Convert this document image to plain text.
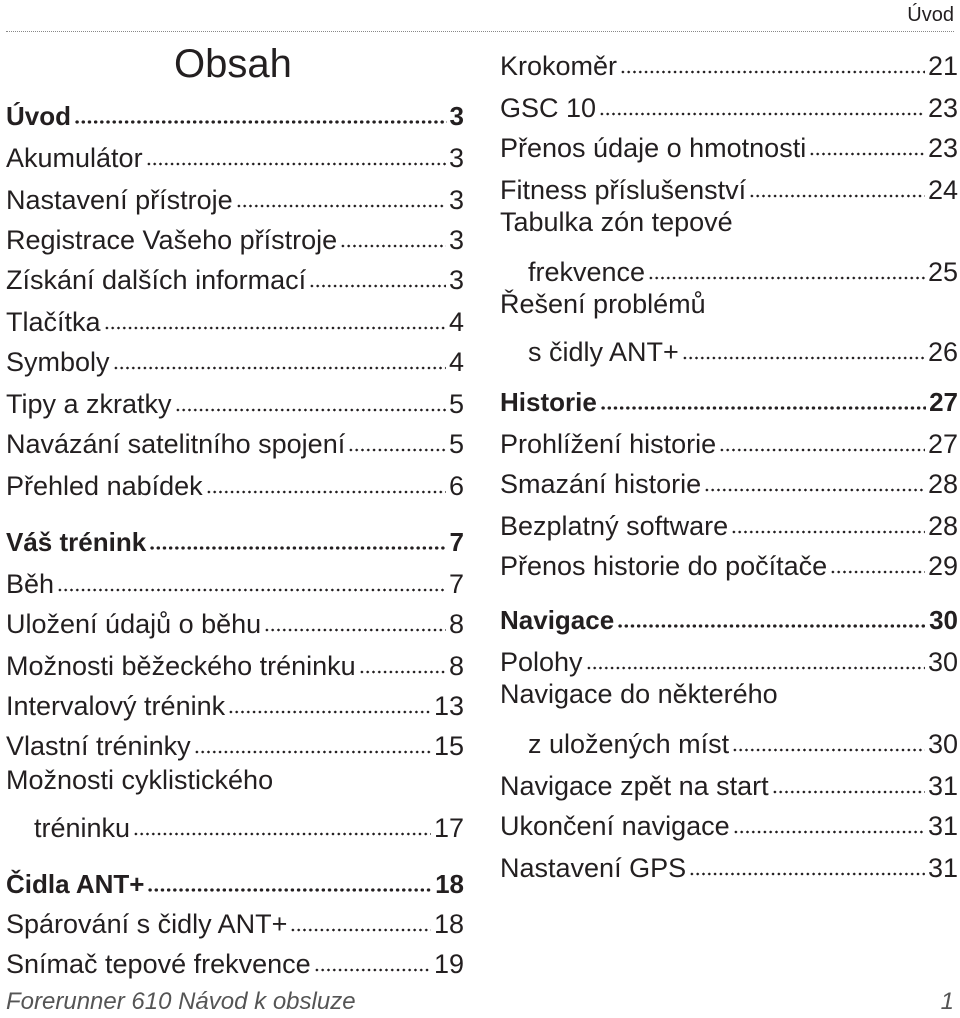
Úvod
Obsah
Úvod	3
Akumulátor	3
Nastavení přístroje	3
Registrace Vašeho přístroje	3
Získání dalších informací	3
Tlačítka	4
Symboly	4
Tipy a zkratky	5
Navázání satelitního spojení	5
Přehled nabídek	6
Váš trénink	7
Běh	7
Uložení údajů o běhu	8
Možnosti běžeckého tréninku	8
Intervalový trénink	13
Vlastní tréninky	15
Možnosti cyklistického
tréninku	17
Čidla ANT+	18
Spárování s čidly ANT+	18
Snímač tepové frekvence	19
Krokoměr	21
GSC 10	23
Přenos údaje o hmotnosti	23
Fitness příslušenství	24
Tabulka zón tepové
frekvence	25
Řešení problémů
s čidly ANT+	26
Historie	27
Prohlížení historie	27
Smazání historie	28
Bezplatný software	28
Přenos historie do počítače	29
Navigace	30
Polohy	30
Navigace do některého
z uložených míst	30
Navigace zpět na start	31
Ukončení navigace	31
Nastavení GPS	31
Forerunner 610 Návod k obsluze	1
